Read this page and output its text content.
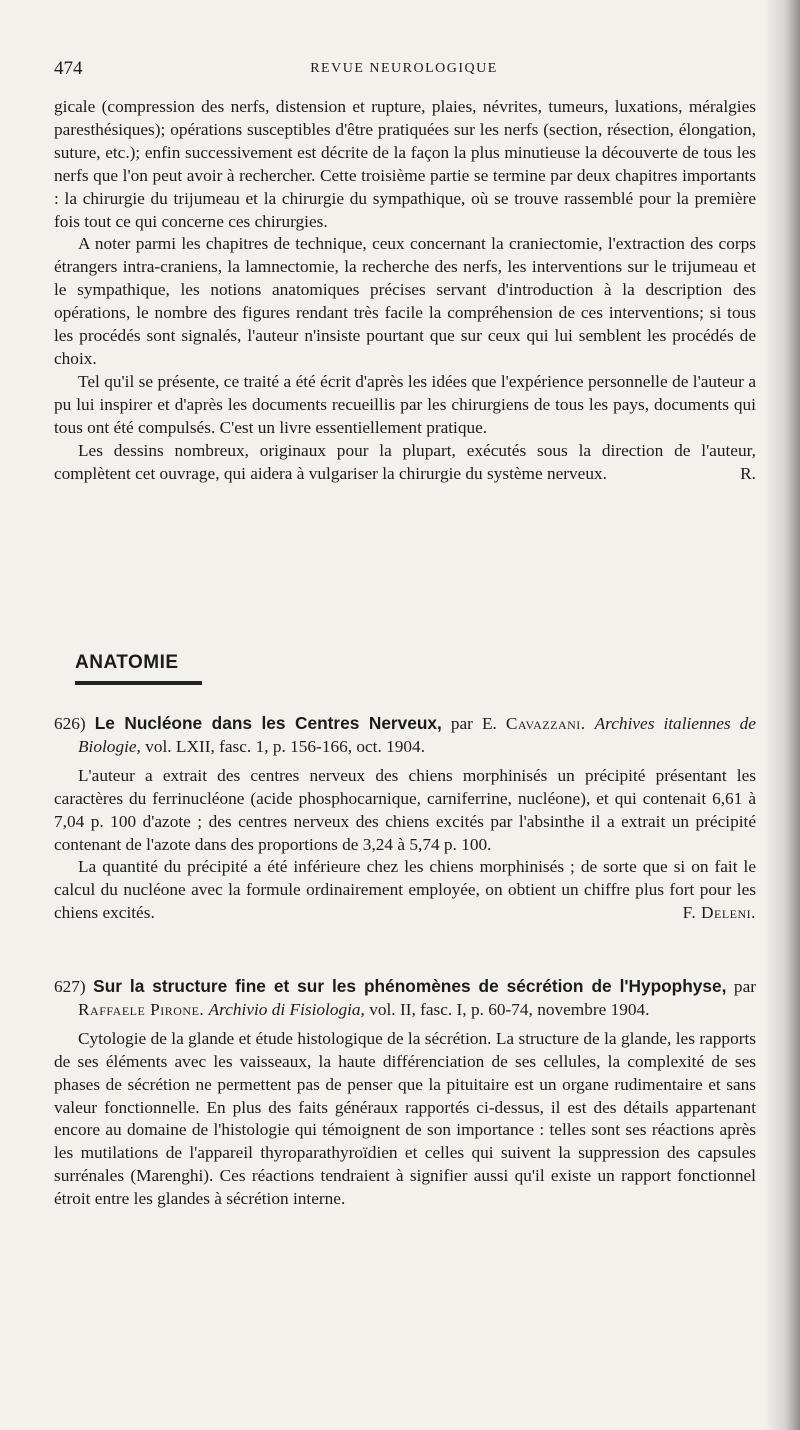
474	REVUE NEUROLOGIQUE

gicale (compression des nerfs, distension et rupture, plaies, névrites, tumeurs, luxations, méralgies paresthésiques); opérations susceptibles d'être pratiquées sur les nerfs (section, résection, élongation, suture, etc.); enfin successivement est décrite de la façon la plus minutieuse la découverte de tous les nerfs que l'on peut avoir à rechercher. Cette troisième partie se termine par deux chapitres importants : la chirurgie du trijumeau et la chirurgie du sympathique, où se trouve rassemblé pour la première fois tout ce qui concerne ces chirurgies.

A noter parmi les chapitres de technique, ceux concernant la craniectomie, l'extraction des corps étrangers intra-craniens, la lamnectomie, la recherche des nerfs, les interventions sur le trijumeau et le sympathique, les notions anatomiques précises servant d'introduction à la description des opérations, le nombre des figures rendant très facile la compréhension de ces interventions; si tous les procédés sont signalés, l'auteur n'insiste pourtant que sur ceux qui lui semblent les procédés de choix.

Tel qu'il se présente, ce traité a été écrit d'après les idées que l'expérience personnelle de l'auteur a pu lui inspirer et d'après les documents recueillis par les chirurgiens de tous les pays, documents qui tous ont été compulsés. C'est un livre essentiellement pratique.

Les dessins nombreux, originaux pour la plupart, exécutés sous la direction de l'auteur, complètent cet ouvrage, qui aidera à vulgariser la chirurgie du système nerveux.	R.

ANATOMIE

626) Le Nucléone dans les Centres Nerveux, par E. Cavazzani. Archives italiennes de Biologie, vol. LXII, fasc. 1, p. 156-166, oct. 1904.

L'auteur a extrait des centres nerveux des chiens morphinisés un précipité présentant les caractères du ferrinucléone (acide phosphocarnique, carniferrine, nucléone), et qui contenait 6,61 à 7,04 p. 100 d'azote ; des centres nerveux des chiens excités par l'absinthe il a extrait un précipité contenant de l'azote dans des proportions de 3,24 à 5,74 p. 100.

La quantité du précipité a été inférieure chez les chiens morphinisés ; de sorte que si on fait le calcul du nucléone avec la formule ordinairement employée, on obtient un chiffre plus fort pour les chiens excités.	F. Deleni.

627) Sur la structure fine et sur les phénomènes de sécrétion de l'Hypophyse, par Raffaele Pirone. Archivio di Fisiologia, vol. II, fasc. I, p. 60-74, novembre 1904.

Cytologie de la glande et étude histologique de la sécrétion. La structure de la glande, les rapports de ses éléments avec les vaisseaux, la haute différenciation de ses cellules, la complexité de ses phases de sécrétion ne permettent pas de penser que la pituitaire est un organe rudimentaire et sans valeur fonctionnelle. En plus des faits généraux rapportés ci-dessus, il est des détails appartenant encore au domaine de l'histologie qui témoignent de son importance : telles sont ses réactions après les mutilations de l'appareil thyroparathyroïdien et celles qui suivent la suppression des capsules surrénales (Marenghi). Ces réactions tendraient à signifier aussi qu'il existe un rapport fonctionnel étroit entre les glandes à sécrétion interne.
